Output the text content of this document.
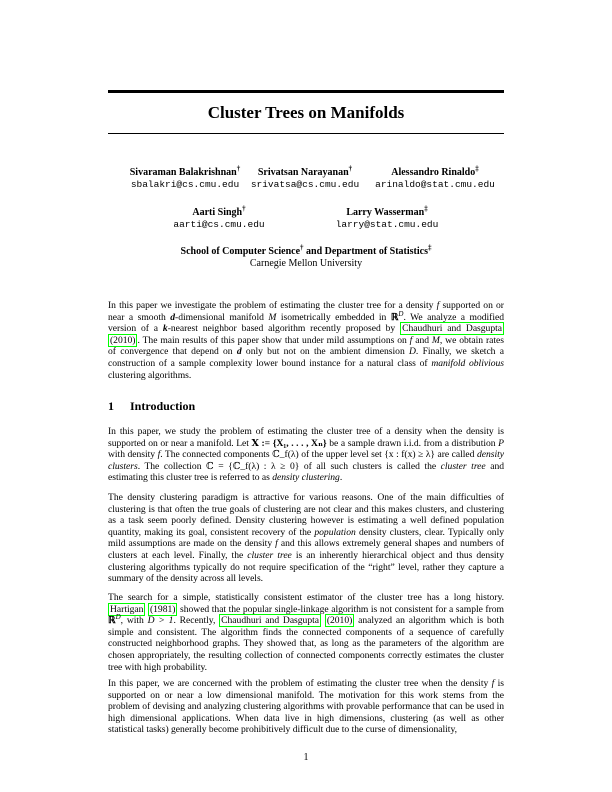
Cluster Trees on Manifolds
Sivaraman Balakrishnan†
sbalakri@cs.cmu.edu
Srivatsan Narayanan†
srivatsa@cs.cmu.edu
Alessandro Rinaldo‡
arinaldo@stat.cmu.edu
Aarti Singh†
aarti@cs.cmu.edu
Larry Wasserman‡
larry@stat.cmu.edu
School of Computer Science† and Department of Statistics‡
Carnegie Mellon University
In this paper we investigate the problem of estimating the cluster tree for a density f supported on or near a smooth d-dimensional manifold M isometrically embedded in ℝ$^D$. We analyze a modified version of a k-nearest neighbor based algorithm recently proposed by Chaudhuri and Dasgupta (2010) . The main results of this paper show that under mild assumptions on f and M, we obtain rates of convergence that depend on d only but not on the ambient dimension D. Finally, we sketch a construction of a sample complexity lower bound instance for a natural class of manifold oblivious clustering algorithms.
1 Introduction
In this paper, we study the problem of estimating the cluster tree of a density when the density is supported on or near a manifold. Let 𝐗 := {X₁, . . . , Xₙ} be a sample drawn i.i.d. from a distribution P with density f. The connected components ℂ_f(λ) of the upper level set {x : f(x) ≥ λ} are called density clusters. The collection ℂ = {ℂ_f(λ) : λ ≥ 0} of all such clusters is called the cluster tree and estimating this cluster tree is referred to as density clustering.
The density clustering paradigm is attractive for various reasons. One of the main difficulties of clustering is that often the true goals of clustering are not clear and this makes clusters, and clustering as a task seem poorly defined. Density clustering however is estimating a well defined population quantity, making its goal, consistent recovery of the population density clusters, clear. Typically only mild assumptions are made on the density f and this allows extremely general shapes and numbers of clusters at each level. Finally, the cluster tree is an inherently hierarchical object and thus density clustering algorithms typically do not require specification of the “right” level, rather they capture a summary of the density across all levels.
The search for a simple, statistically consistent estimator of the cluster tree has a long history. Hartigan (1981) showed that the popular single-linkage algorithm is not consistent for a sample from ℝ$^D$, with D > 1. Recently, Chaudhuri and Dasgupta (2010) analyzed an algorithm which is both simple and consistent. The algorithm finds the connected components of a sequence of carefully constructed neighborhood graphs. They showed that, as long as the parameters of the algorithm are chosen appropriately, the resulting collection of connected components correctly estimates the cluster tree with high probability.
In this paper, we are concerned with the problem of estimating the cluster tree when the density f is supported on or near a low dimensional manifold. The motivation for this work stems from the problem of devising and analyzing clustering algorithms with provable performance that can be used in high dimensional applications. When data live in high dimensions, clustering (as well as other statistical tasks) generally become prohibitively difficult due to the curse of dimensionality,
1
